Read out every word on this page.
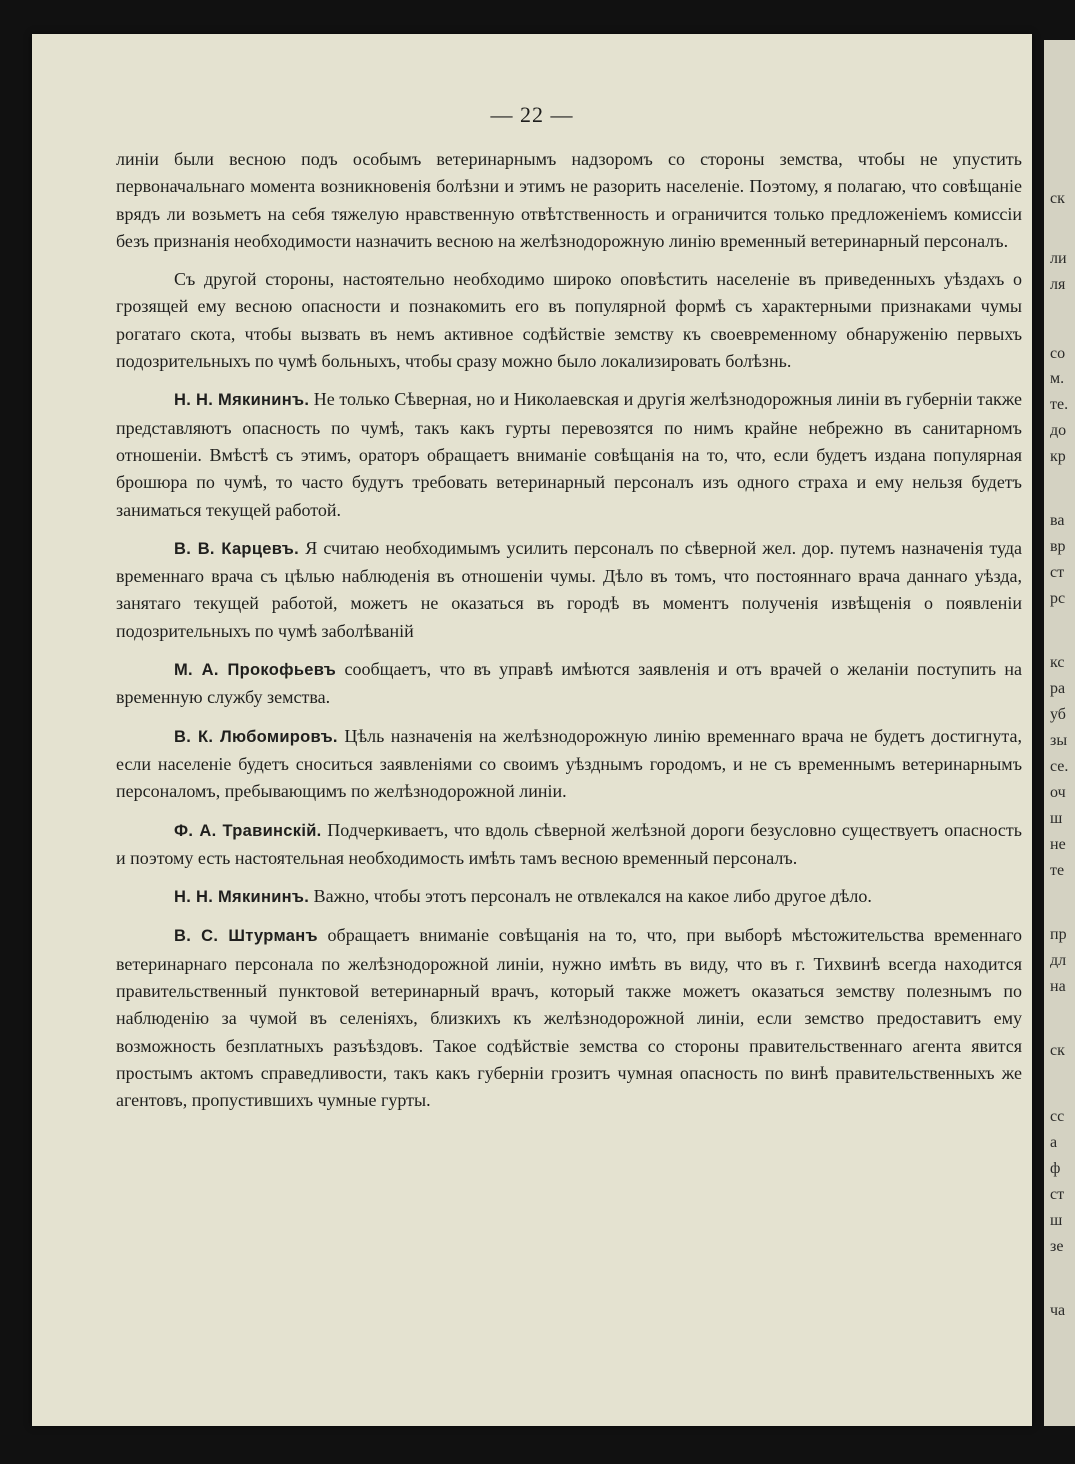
— 22 —

линіи были весною подъ особымъ ветеринарнымъ надзоромъ со стороны земства, чтобы не упустить первоначальнаго момента возникновенія болѣзни и этимъ не разорить населеніе. Поэтому, я полагаю, что совѣщаніе врядъ ли возьметъ на себя тяжелую нравственную отвѣтственность и ограничится только предложеніемъ комиссіи безъ признанія необходимости назначить весною на желѣзнодорожную линію временный ветеринарный персоналъ.

Съ другой стороны, настоятельно необходимо широко оповѣстить населеніе въ приведенныхъ уѣздахъ о грозящей ему весною опасности и познакомить его въ популярной формѣ съ характерными признаками чумы рогатаго скота, чтобы вызвать въ немъ активное содѣйствіе земству къ своевременному обнаруженію первыхъ подозрительныхъ по чумѣ больныхъ, чтобы сразу можно было локализировать болѣзнь.

Н. Н. Мякининъ. Не только Сѣверная, но и Николаевская и другія желѣзнодорожныя линіи въ губерніи также представляютъ опасность по чумѣ, такъ какъ гурты перевозятся по нимъ крайне небрежно въ санитарномъ отношеніи. Вмѣстѣ съ этимъ, ораторъ обращаетъ вниманіе совѣщанія на то, что, если будетъ издана популярная брошюра по чумѣ, то часто будутъ требовать ветеринарный персоналъ изъ одного страха и ему нельзя будетъ заниматься текущей работой.

В. В. Карцевъ. Я считаю необходимымъ усилить персоналъ по сѣверной жел. дор. путемъ назначенія туда временнаго врача съ цѣлью наблюденія въ отношеніи чумы. Дѣло въ томъ, что постояннаго врача даннаго уѣзда, занятаго текущей работой, можетъ не оказаться въ городѣ въ моментъ полученія извѣщенія о появленіи подозрительныхъ по чумѣ заболѣваній

М. А. Прокофьевъ сообщаетъ, что въ управѣ имѣются заявленія и отъ врачей о желаніи поступить на временную службу земства.

В. К. Любомировъ. Цѣль назначенія на желѣзнодорожную линію временнаго врача не будетъ достигнута, если населеніе будетъ сноситься заявленіями со своимъ уѣзднымъ городомъ, и не съ временнымъ ветеринарнымъ персоналомъ, пребывающимъ по желѣзнодорожной линіи.

Ф. А. Травинскій. Подчеркиваетъ, что вдоль сѣверной желѣзной дороги безусловно существуетъ опасность и поэтому есть настоятельная необходимость имѣть тамъ весною временный персоналъ.

Н. Н. Мякининъ. Важно, чтобы этотъ персоналъ не отвлекался на какое либо другое дѣло.

В. С. Штурманъ обращаетъ вниманіе совѣщанія на то, что, при выборѣ мѣстожительства временнаго ветеринарнаго персонала по желѣзнодорожной линіи, нужно имѣть въ виду, что въ г. Тихвинѣ всегда находится правительственный пунктовой ветеринарный врачъ, который также можетъ оказаться земству полезнымъ по наблюденію за чумой въ селеніяхъ, близкихъ къ желѣзнодорожной линіи, если земство предоставитъ ему возможность безплатныхъ разъѣздовъ. Такое содѣйствіе земства со стороны правительственнаго агента явится простымъ актомъ справедливости, такъ какъ губерніи грозитъ чумная опасность по винѣ правительственныхъ же агентовъ, пропустившихъ чумные гурты.

ск
ли
ля
со
м.
те.
до
кр
ва
вр
ст
рс
кс
ра
уб
зы
се.
оч
ш
не
те
пр
дл
на
ск
сс
а
ф
ст
ш
зе
ча
